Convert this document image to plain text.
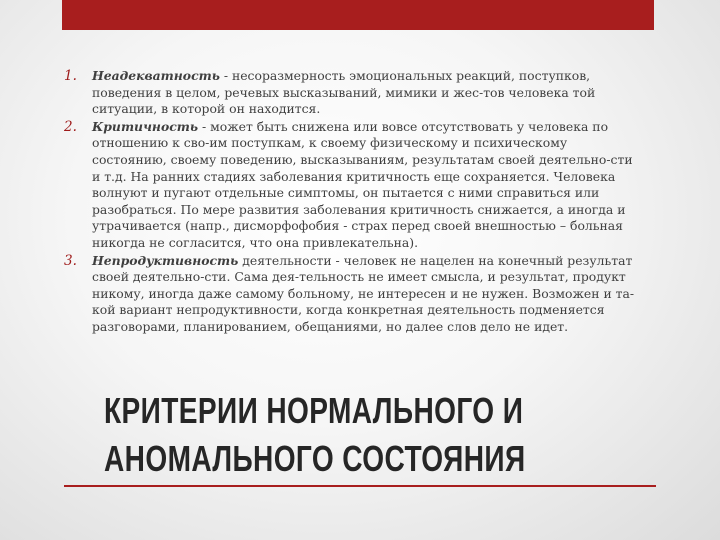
1.	Неадекватность - несоразмерность эмоциональных реакций, поступков, поведения в целом, речевых высказываний, мимики и жес-тов человека той ситуации, в которой он находится.
2.	Критичность - может быть снижена или вовсе отсутствовать у человека по отношению к сво-им поступкам, к своему физическому и психическому состоянию, своему поведению, высказываниям, результатам своей деятельно-сти и т.д. На ранних стадиях заболевания критичность еще сохраняется. Человека волнуют и пугают отдельные симптомы, он пытается с ними справиться или разобраться. По мере развития заболевания критичность снижается, а иногда и утрачивается (напр., дисморфофобия - страх перед своей внешностью – больная никогда не согласится, что она привлекательна).
3.	Непродуктивность деятельности - человек не нацелен на конечный результат своей деятельно-сти. Сама дея-тельность не имеет смысла, и результат, продукт никому, иногда даже самому больному, не интересен и не нужен. Возможен и та-кой вариант непродуктивности, когда конкретная деятельность подменяется разговорами, планированием, обещаниями, но далее слов дело не идет.
КРИТЕРИИ НОРМАЛЬНОГО И
АНОМАЛЬНОГО СОСТОЯНИЯ
